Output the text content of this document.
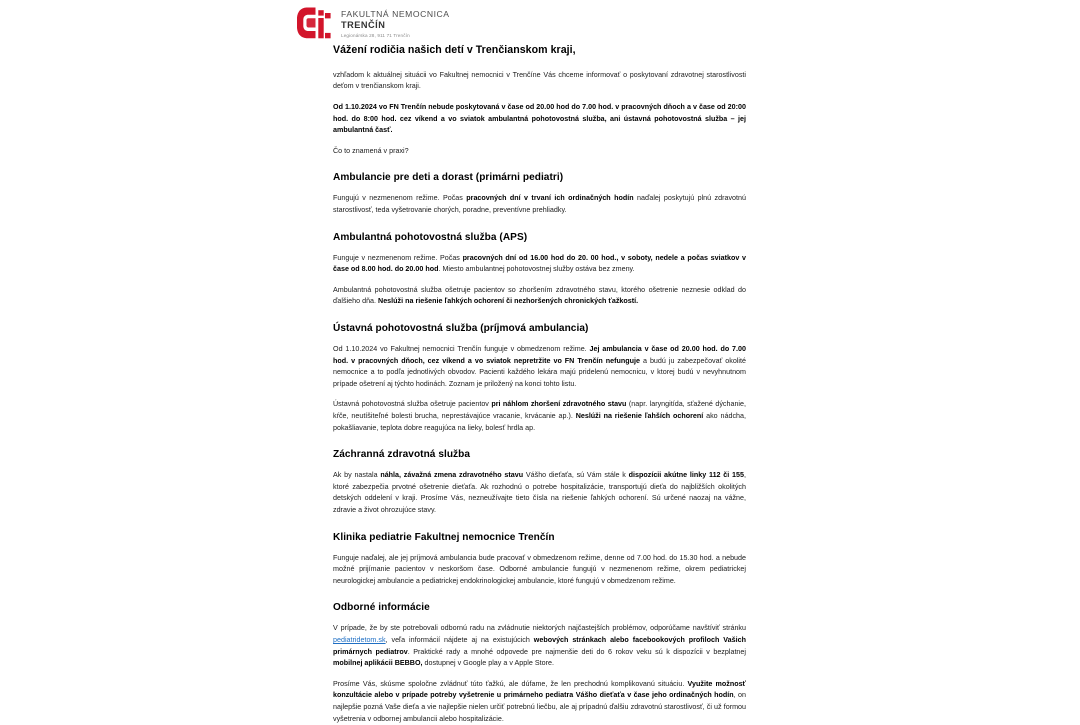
FAKULTNÁ NEMOCNICA
TRENČÍN
Legionárska 28, 911 71 Trenčín
Vážení rodičia našich detí v Trenčianskom kraji,

vzhľadom k aktuálnej situácii vo Fakultnej nemocnici v Trenčíne Vás chceme informovať o poskytovaní zdravotnej starostlivosti deťom v trenčianskom kraji.

Od 1.10.2024 vo FN Trenčín nebude poskytovaná v čase od 20.00 hod do 7.00 hod. v pracovných dňoch a v čase od 20:00 hod. do 8:00 hod. cez víkend a vo sviatok ambulantná pohotovostná služba, ani ústavná pohotovostná služba – jej ambulantná časť.

Čo to znamená v praxi?

Ambulancie pre deti a dorast (primárni pediatri)

Fungujú v nezmenenom režime. Počas pracovných dní v trvaní ich ordinačných hodín naďalej poskytujú plnú zdravotnú starostlivosť, teda vyšetrovanie chorých, poradne, preventívne prehliadky.

Ambulantná pohotovostná služba (APS)

Funguje v nezmenenom režime. Počas pracovných dní od 16.00 hod do 20. 00 hod., v soboty, nedele a počas sviatkov v čase od 8.00 hod. do 20.00 hod. Miesto ambulantnej pohotovostnej služby ostáva bez zmeny.

Ambulantná pohotovostná služba ošetruje pacientov so zhoršením zdravotného stavu, ktorého ošetrenie neznesie odklad do ďalšieho dňa. Neslúži na riešenie ľahkých ochorení či nezhoršených chronických ťažkostí.

Ústavná pohotovostná služba (príjmová ambulancia)

Od 1.10.2024 vo Fakultnej nemocnici Trenčín funguje v obmedzenom režime. Jej ambulancia v čase od 20.00 hod. do 7.00 hod. v pracovných dňoch, cez víkend a vo sviatok nepretržite vo FN Trenčín nefunguje a budú ju zabezpečovať okolité nemocnice a to podľa jednotlivých obvodov. Pacienti každého lekára majú pridelenú nemocnicu, v ktorej budú v nevyhnutnom prípade ošetrení aj týchto hodinách. Zoznam je priložený na konci tohto listu.

Ústavná pohotovostná služba ošetruje pacientov pri náhlom zhoršení zdravotného stavu (napr. laryngitída, sťažené dýchanie, kŕče, neutíšiteľné bolesti brucha, neprestávajúce vracanie, krvácanie ap.). Neslúži na riešenie ľahších ochorení ako nádcha, pokašliavanie, teplota dobre reagujúca na lieky, bolesť hrdla ap.

Záchranná zdravotná služba

Ak by nastala náhla, závažná zmena zdravotného stavu Vášho dieťaťa, sú Vám stále k dispozícii akútne linky 112 či 155, ktoré zabezpečia prvotné ošetrenie dieťaťa. Ak rozhodnú o potrebe hospitalizácie, transportujú dieťa do najbližších okolitých detských oddelení v kraji. Prosíme Vás, nezneužívajte tieto čísla na riešenie ľahkých ochorení. Sú určené naozaj na vážne, zdravie a život ohrozujúce stavy.

Klinika pediatrie Fakultnej nemocnice Trenčín

Funguje naďalej, ale jej príjmová ambulancia bude pracovať v obmedzenom režime, denne od 7.00 hod. do 15.30 hod. a nebude možné prijímanie pacientov v neskoršom čase. Odborné ambulancie fungujú v nezmenenom režime, okrem pediatrickej neurologickej ambulancie a pediatrickej endokrinologickej ambulancie, ktoré fungujú v obmedzenom režime.

Odborné informácie

V prípade, že by ste potrebovali odbornú radu na zvládnutie niektorých najčastejších problémov, odporúčame navštíviť stránku pediatridetom.sk, veľa informácií nájdete aj na existujúcich webových stránkach alebo facebookových profiloch Vašich primárnych pediatrov. Praktické rady a mnohé odpovede pre najmenšie deti do 6 rokov veku sú k dispozícii v bezplatnej mobilnej aplikácii BEBBO, dostupnej v Google play a v Apple Store.

Prosíme Vás, skúsme spoločne zvládnuť túto ťažkú, ale dúfame, že len prechodnú komplikovanú situáciu. Využite možnosť konzultácie alebo v prípade potreby vyšetrenie u primárneho pediatra Vášho dieťaťa v čase jeho ordinačných hodín, on najlepšie pozná Vaše dieťa a vie najlepšie nielen určiť potrebnú liečbu, ale aj prípadnú ďalšiu zdravotnú starostlivosť, či už formou vyšetrenia v odbornej ambulancii alebo hospitalizácie.
